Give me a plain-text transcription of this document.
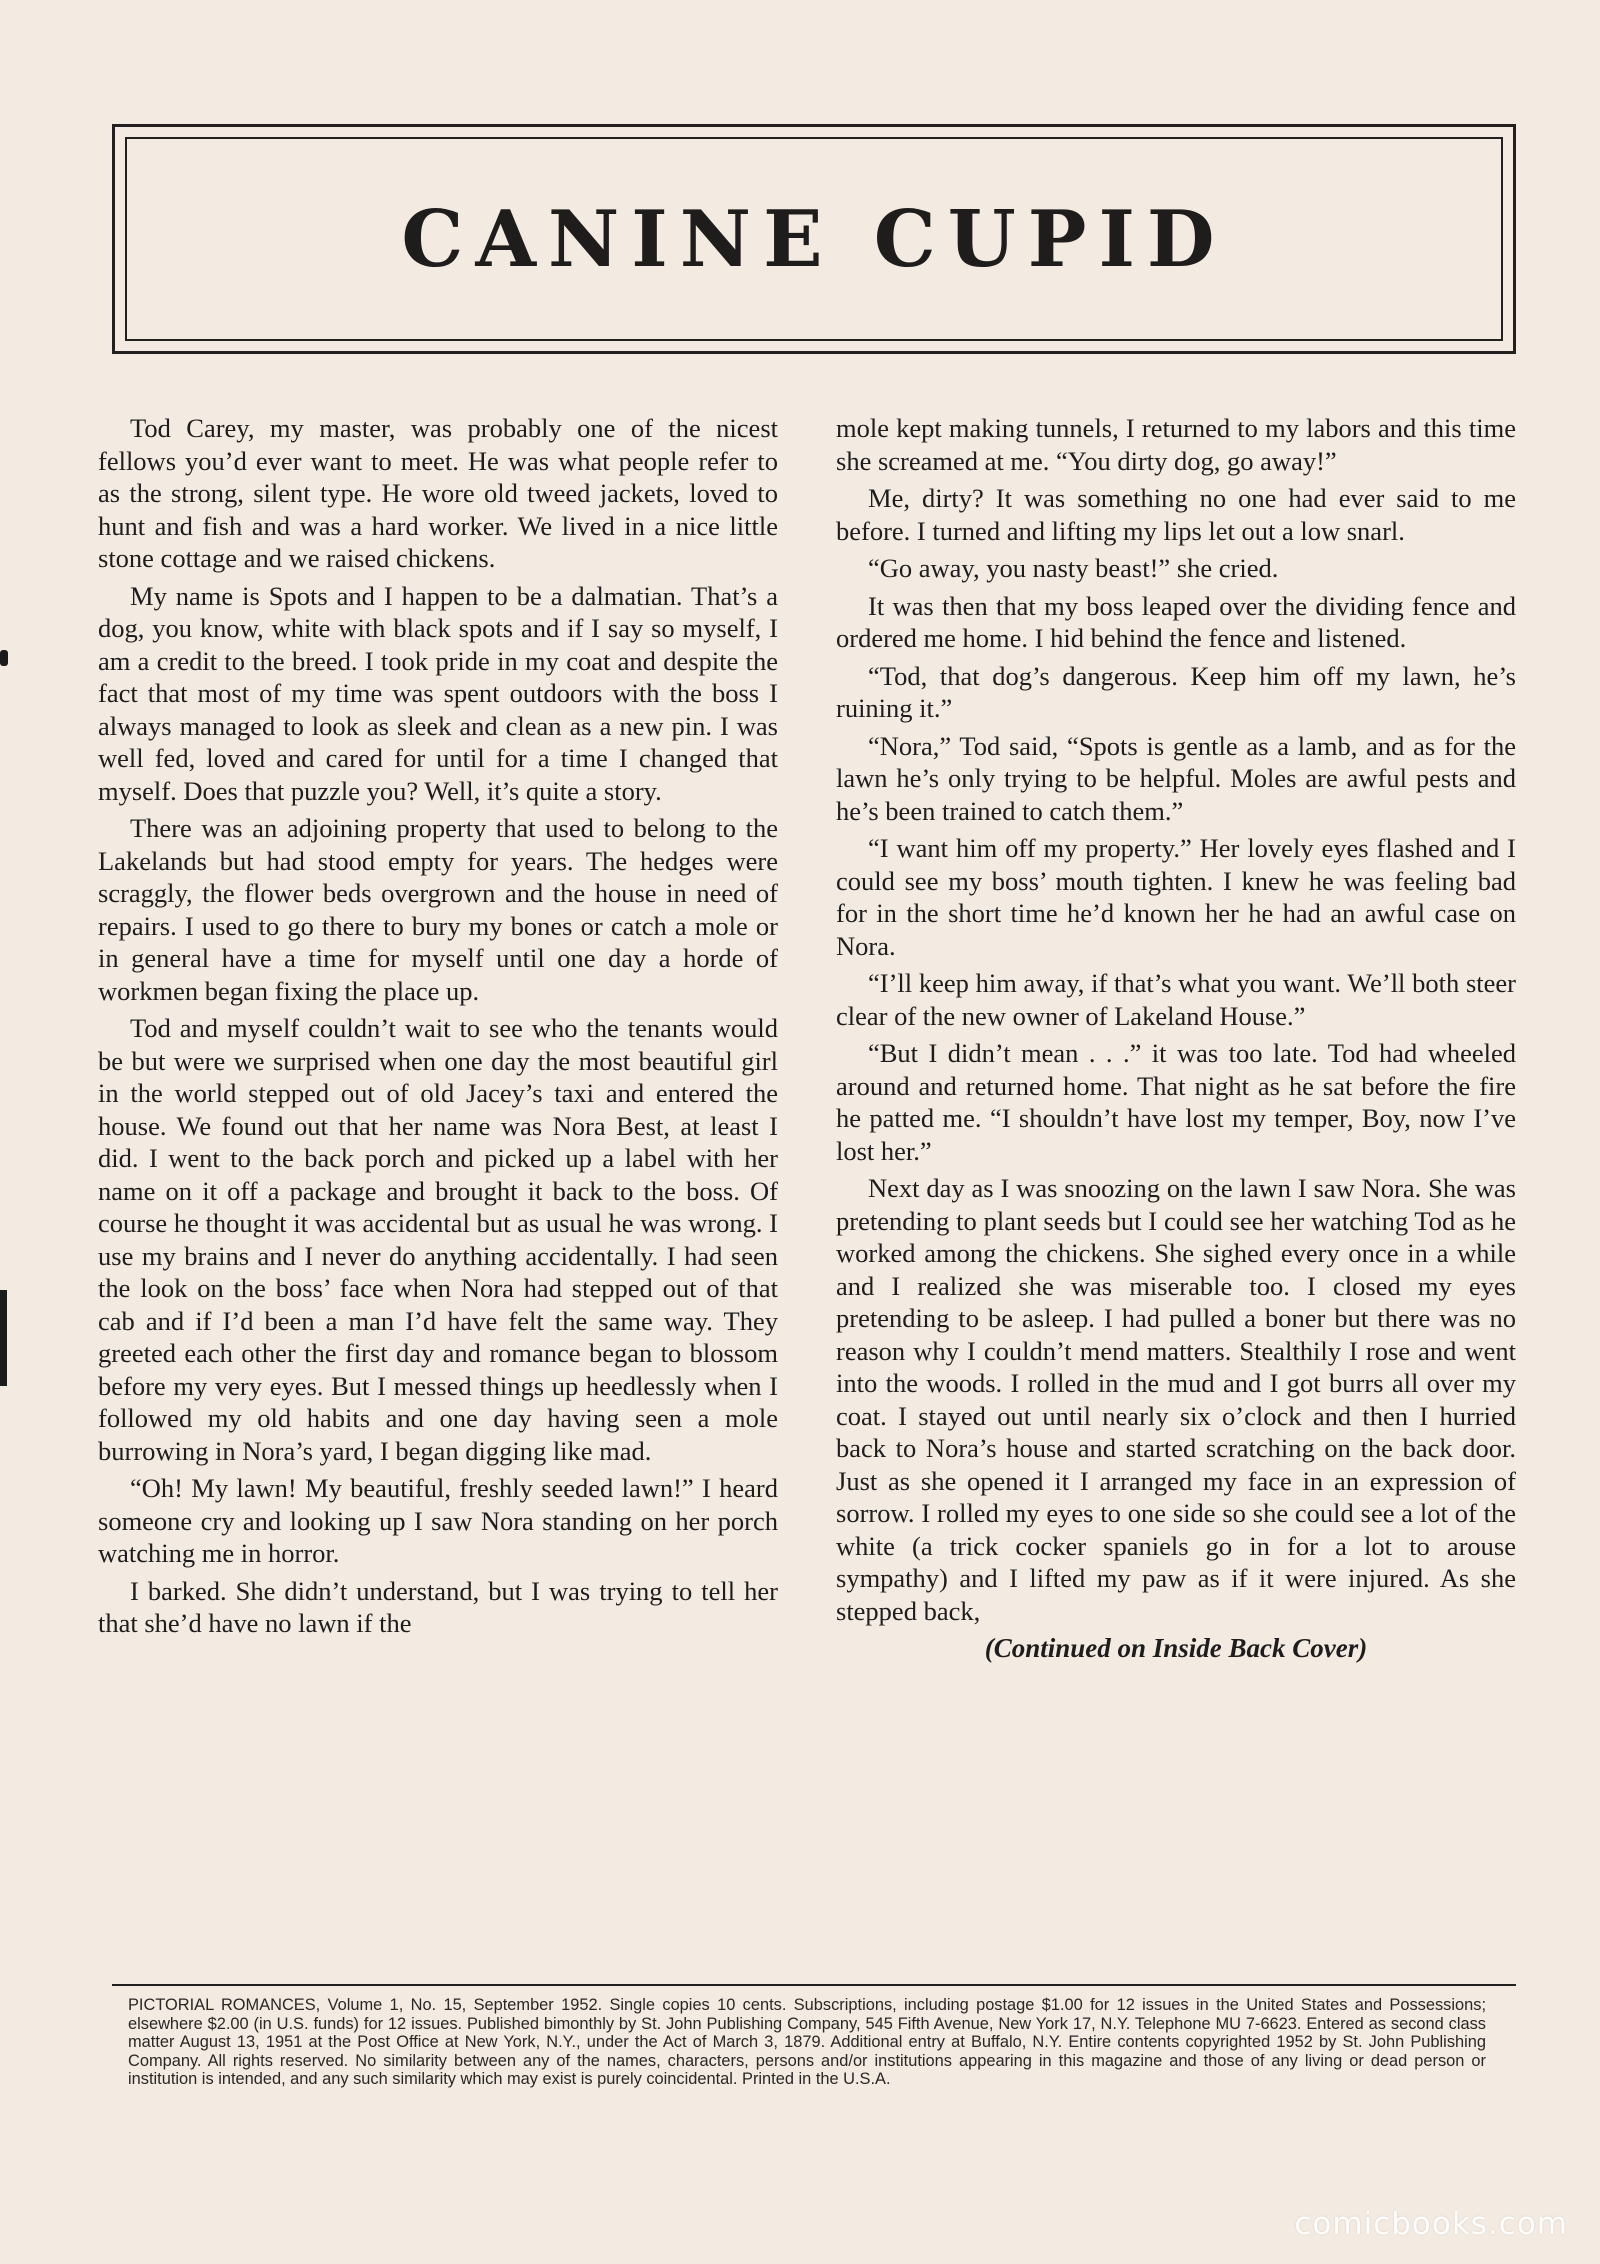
CANINE CUPID

Tod Carey, my master, was probably one of the nicest fellows you’d ever want to meet. He was what people refer to as the strong, silent type. He wore old tweed jackets, loved to hunt and fish and was a hard worker. We lived in a nice little stone cottage and we raised chickens.

My name is Spots and I happen to be a dalmatian. That’s a dog, you know, white with black spots and if I say so myself, I am a credit to the breed. I took pride in my coat and despite the fact that most of my time was spent outdoors with the boss I always managed to look as sleek and clean as a new pin. I was well fed, loved and cared for until for a time I changed that myself. Does that puzzle you? Well, it’s quite a story.

There was an adjoining property that used to belong to the Lakelands but had stood empty for years. The hedges were scraggly, the flower beds overgrown and the house in need of repairs. I used to go there to bury my bones or catch a mole or in general have a time for myself until one day a horde of workmen began fixing the place up.

Tod and myself couldn’t wait to see who the tenants would be but were we surprised when one day the most beautiful girl in the world stepped out of old Jacey’s taxi and entered the house. We found out that her name was Nora Best, at least I did. I went to the back porch and picked up a label with her name on it off a package and brought it back to the boss. Of course he thought it was accidental but as usual he was wrong. I use my brains and I never do anything accidentally. I had seen the look on the boss’ face when Nora had stepped out of that cab and if I’d been a man I’d have felt the same way. They greeted each other the first day and romance began to blossom before my very eyes. But I messed things up heedlessly when I followed my old habits and one day having seen a mole burrowing in Nora’s yard, I began digging like mad.

“Oh! My lawn! My beautiful, freshly seeded lawn!” I heard someone cry and looking up I saw Nora standing on her porch watching me in horror.

I barked. She didn’t understand, but I was trying to tell her that she’d have no lawn if the

mole kept making tunnels, I returned to my labors and this time she screamed at me. “You dirty dog, go away!”

Me, dirty? It was something no one had ever said to me before. I turned and lifting my lips let out a low snarl.

“Go away, you nasty beast!” she cried.

It was then that my boss leaped over the dividing fence and ordered me home. I hid behind the fence and listened.

“Tod, that dog’s dangerous. Keep him off my lawn, he’s ruining it.”

“Nora,” Tod said, “Spots is gentle as a lamb, and as for the lawn he’s only trying to be helpful. Moles are awful pests and he’s been trained to catch them.”

“I want him off my property.” Her lovely eyes flashed and I could see my boss’ mouth tighten. I knew he was feeling bad for in the short time he’d known her he had an awful case on Nora.

“I’ll keep him away, if that’s what you want. We’ll both steer clear of the new owner of Lakeland House.”

“But I didn’t mean . . .” it was too late. Tod had wheeled around and returned home. That night as he sat before the fire he patted me. “I shouldn’t have lost my temper, Boy, now I’ve lost her.”

Next day as I was snoozing on the lawn I saw Nora. She was pretending to plant seeds but I could see her watching Tod as he worked among the chickens. She sighed every once in a while and I realized she was miserable too. I closed my eyes pretending to be asleep. I had pulled a boner but there was no reason why I couldn’t mend matters. Stealthily I rose and went into the woods. I rolled in the mud and I got burrs all over my coat. I stayed out until nearly six o’clock and then I hurried back to Nora’s house and started scratching on the back door. Just as she opened it I arranged my face in an expression of sorrow. I rolled my eyes to one side so she could see a lot of the white (a trick cocker spaniels go in for a lot to arouse sympathy) and I lifted my paw as if it were injured. As she stepped back,

(Continued on Inside Back Cover)

PICTORIAL ROMANCES, Volume 1, No. 15, September 1952. Single copies 10 cents. Subscriptions, including postage $1.00 for 12 issues in the United States and Possessions; elsewhere $2.00 (in U.S. funds) for 12 issues. Published bimonthly by St. John Publishing Company, 545 Fifth Avenue, New York 17, N.Y. Telephone MU 7-6623. Entered as second class matter August 13, 1951 at the Post Office at New York, N.Y., under the Act of March 3, 1879. Additional entry at Buffalo, N.Y. Entire contents copyrighted 1952 by St. John Publishing Company. All rights reserved. No similarity between any of the names, characters, persons and/or institutions appearing in this magazine and those of any living or dead person or institution is intended, and any such similarity which may exist is purely coincidental. Printed in the U.S.A.

comicbooks.com
